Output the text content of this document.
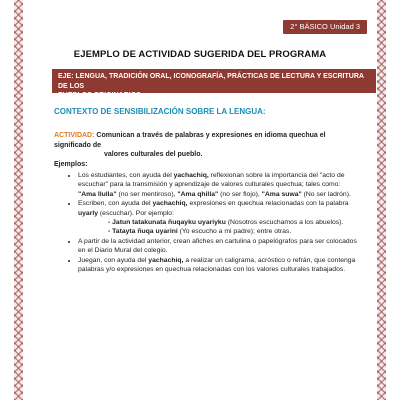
2° BÁSICO Unidad 3
EJEMPLO DE ACTIVIDAD SUGERIDA DEL PROGRAMA
EJE: LENGUA, TRADICIÓN ORAL, ICONOGRAFÍA, PRÁCTICAS DE LECTURA Y ESCRITURA DE LOS
PUEBLOS ORIGINARIOS.
CONTEXTO DE SENSIBILIZACIÓN SOBRE LA LENGUA:
ACTIVIDAD: Comunican a través de palabras y expresiones en idioma quechua el significado de
valores culturales del pueblo.
Ejemplos:
• Los estudiantes, con ayuda del yachachiq, reflexionan sobre la importancia del "acto de escuchar" para la transmisión y aprendizaje de valores culturales quechua; tales como: "Ama llulla" (no ser mentiroso), "Ama qhilla" (no ser flojo), "Ama suwa" (No ser ladrón).
• Escriben, con ayuda del yachachiq, expresiones en quechua relacionadas con la palabra uyarly (escuchar). Por ejemplo:
- Jatun tatakunata ñuqayku uyariyku (Nosotros escuchamos a los abuelos).
- Tatayta ñuqa uyarini (Yo escucho a mi padre); entre otras.
• A partir de la actividad anterior, crean afiches en cartulina o papelógrafos para ser colocados en el Diario Mural del colegio.
• Juegan, con ayuda del yachachiq, a realizar un caligrama, acróstico o refrán, que contenga palabras y/o expresiones en quechua relacionadas con los valores culturales trabajados.
